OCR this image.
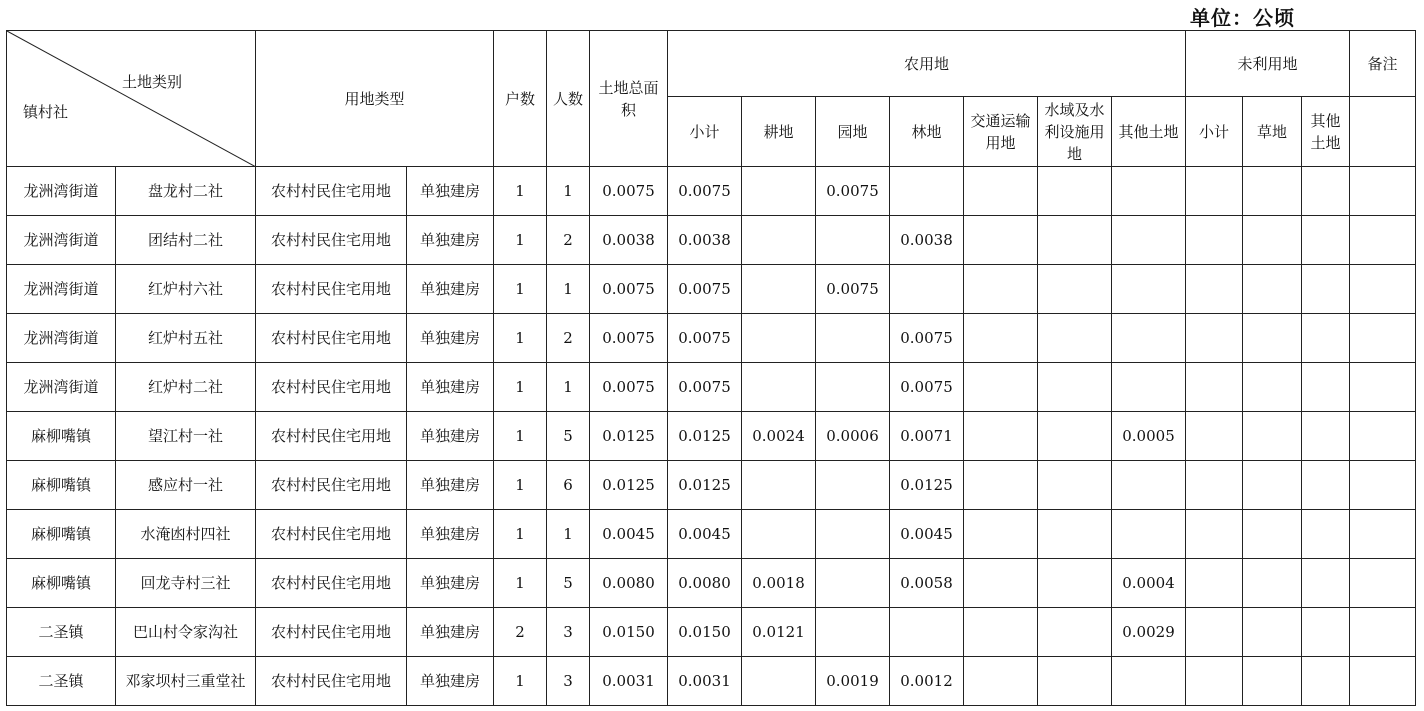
单位：公顷
土地类别
镇村社		用地类型		户数	人数	土地总面积	农用地							未利用地			备注
							小计	耕地	园地	林地	交通运输用地	水域及水利设施用地	其他土地	小计	草地	其他土地	

龙洲湾街道	盘龙村二社	农村村民住宅用地	单独建房	1	1	0.0075	0.0075		0.0075								
龙洲湾街道	团结村二社	农村村民住宅用地	单独建房	1	2	0.0038	0.0038			0.0038							
龙洲湾街道	红炉村六社	农村村民住宅用地	单独建房	1	1	0.0075	0.0075		0.0075								
龙洲湾街道	红炉村五社	农村村民住宅用地	单独建房	1	2	0.0075	0.0075			0.0075							
龙洲湾街道	红炉村二社	农村村民住宅用地	单独建房	1	1	0.0075	0.0075			0.0075							
麻柳嘴镇	望江村一社	农村村民住宅用地	单独建房	1	5	0.0125	0.0125	0.0024	0.0006	0.0071			0.0005				
麻柳嘴镇	感应村一社	农村村民住宅用地	单独建房	1	6	0.0125	0.0125			0.0125							
麻柳嘴镇	水淹凼村四社	农村村民住宅用地	单独建房	1	1	0.0045	0.0045			0.0045							
麻柳嘴镇	回龙寺村三社	农村村民住宅用地	单独建房	1	5	0.0080	0.0080	0.0018		0.0058			0.0004				
二圣镇	巴山村令家沟社	农村村民住宅用地	单独建房	2	3	0.0150	0.0150	0.0121					0.0029				
二圣镇	邓家坝村三重堂社	农村村民住宅用地	单独建房	1	3	0.0031	0.0031		0.0019	0.0012							
